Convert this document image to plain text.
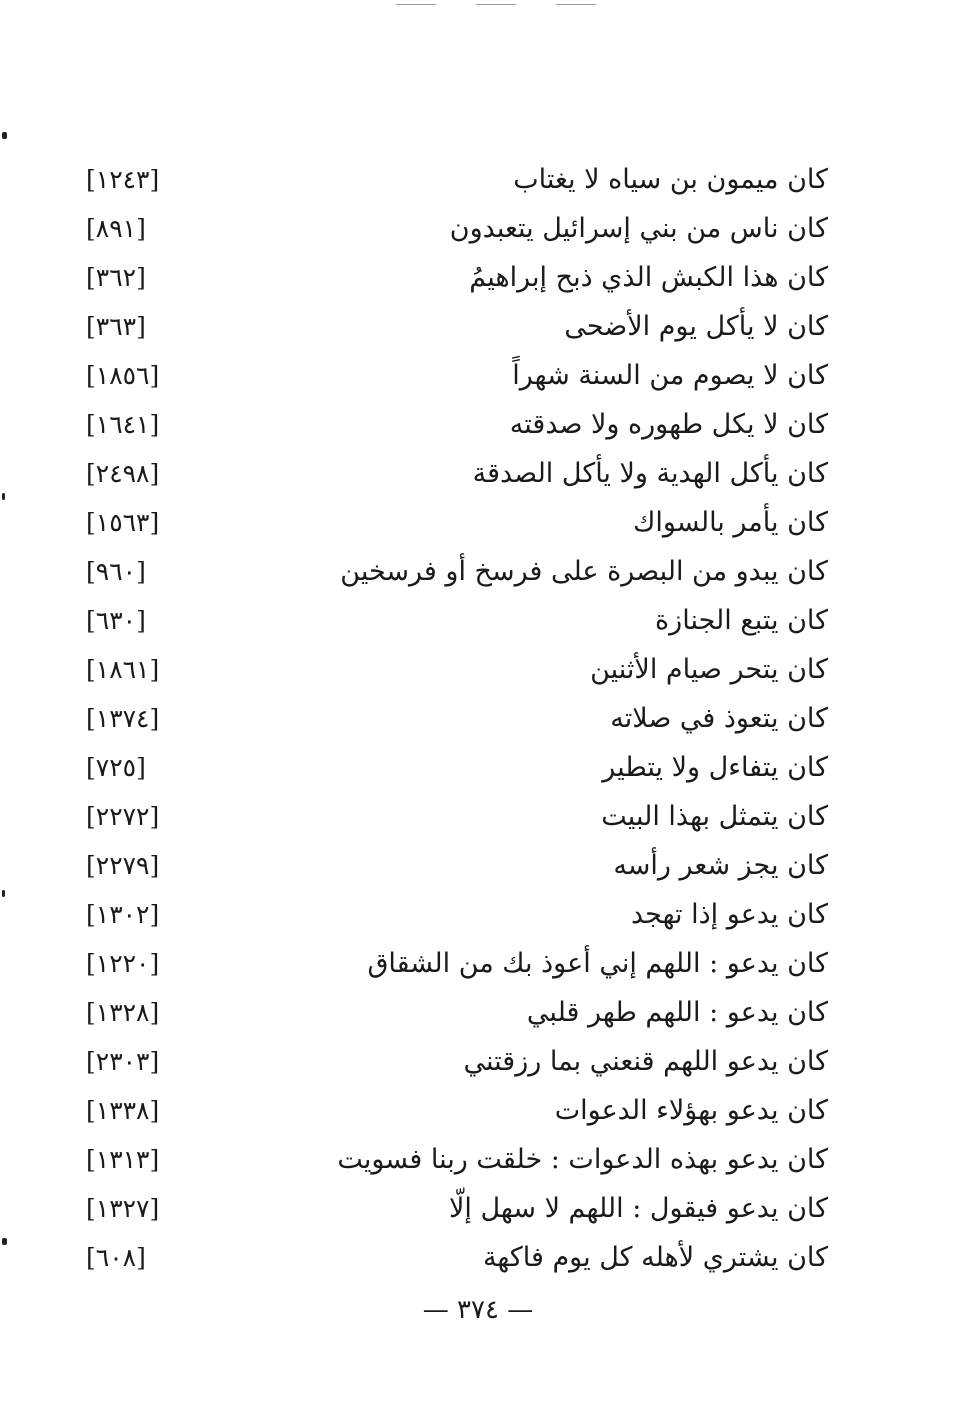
كان ميمون بن سياه لا يغتاب
[١٢٤٣]
كان ناس من بني إسرائيل يتعبدون
[٨٩١]
كان هذا الكبش الذي ذبح إبراهيمُ
[٣٦٢]
كان لا يأكل يوم الأضحى
[٣٦٣]
كان لا يصوم من السنة شهراً
[١٨٥٦]
كان لا يكل طهوره ولا صدقته
[١٦٤١]
كان يأكل الهدية ولا يأكل الصدقة
[٢٤٩٨]
كان يأمر بالسواك
[١٥٦٣]
كان يبدو من البصرة على فرسخ أو فرسخين
[٩٦٠]
كان يتبع الجنازة
[٦٣٠]
كان يتحر صيام الأثنين
[١٨٦١]
كان يتعوذ في صلاته
[١٣٧٤]
كان يتفاءل ولا يتطير
[٧٢٥]
كان يتمثل بهذا البيت
[٢٢٧٢]
كان يجز شعر رأسه
[٢٢٧٩]
كان يدعو إذا تهجد
[١٣٠٢]
كان يدعو : اللهم إني أعوذ بك من الشقاق
[١٢٢٠]
كان يدعو : اللهم طهر قلبي
[١٣٢٨]
كان يدعو اللهم قنعني بما رزقتني
[٢٣٠٣]
كان يدعو بهؤلاء الدعوات
[١٣٣٨]
كان يدعو بهذه الدعوات : خلقت ربنا فسويت
[١٣١٣]
كان يدعو فيقول : اللهم لا سهل إلّا
[١٣٢٧]
كان يشتري لأهله كل يوم فاكهة
[٦٠٨]
— ٣٧٤ —
